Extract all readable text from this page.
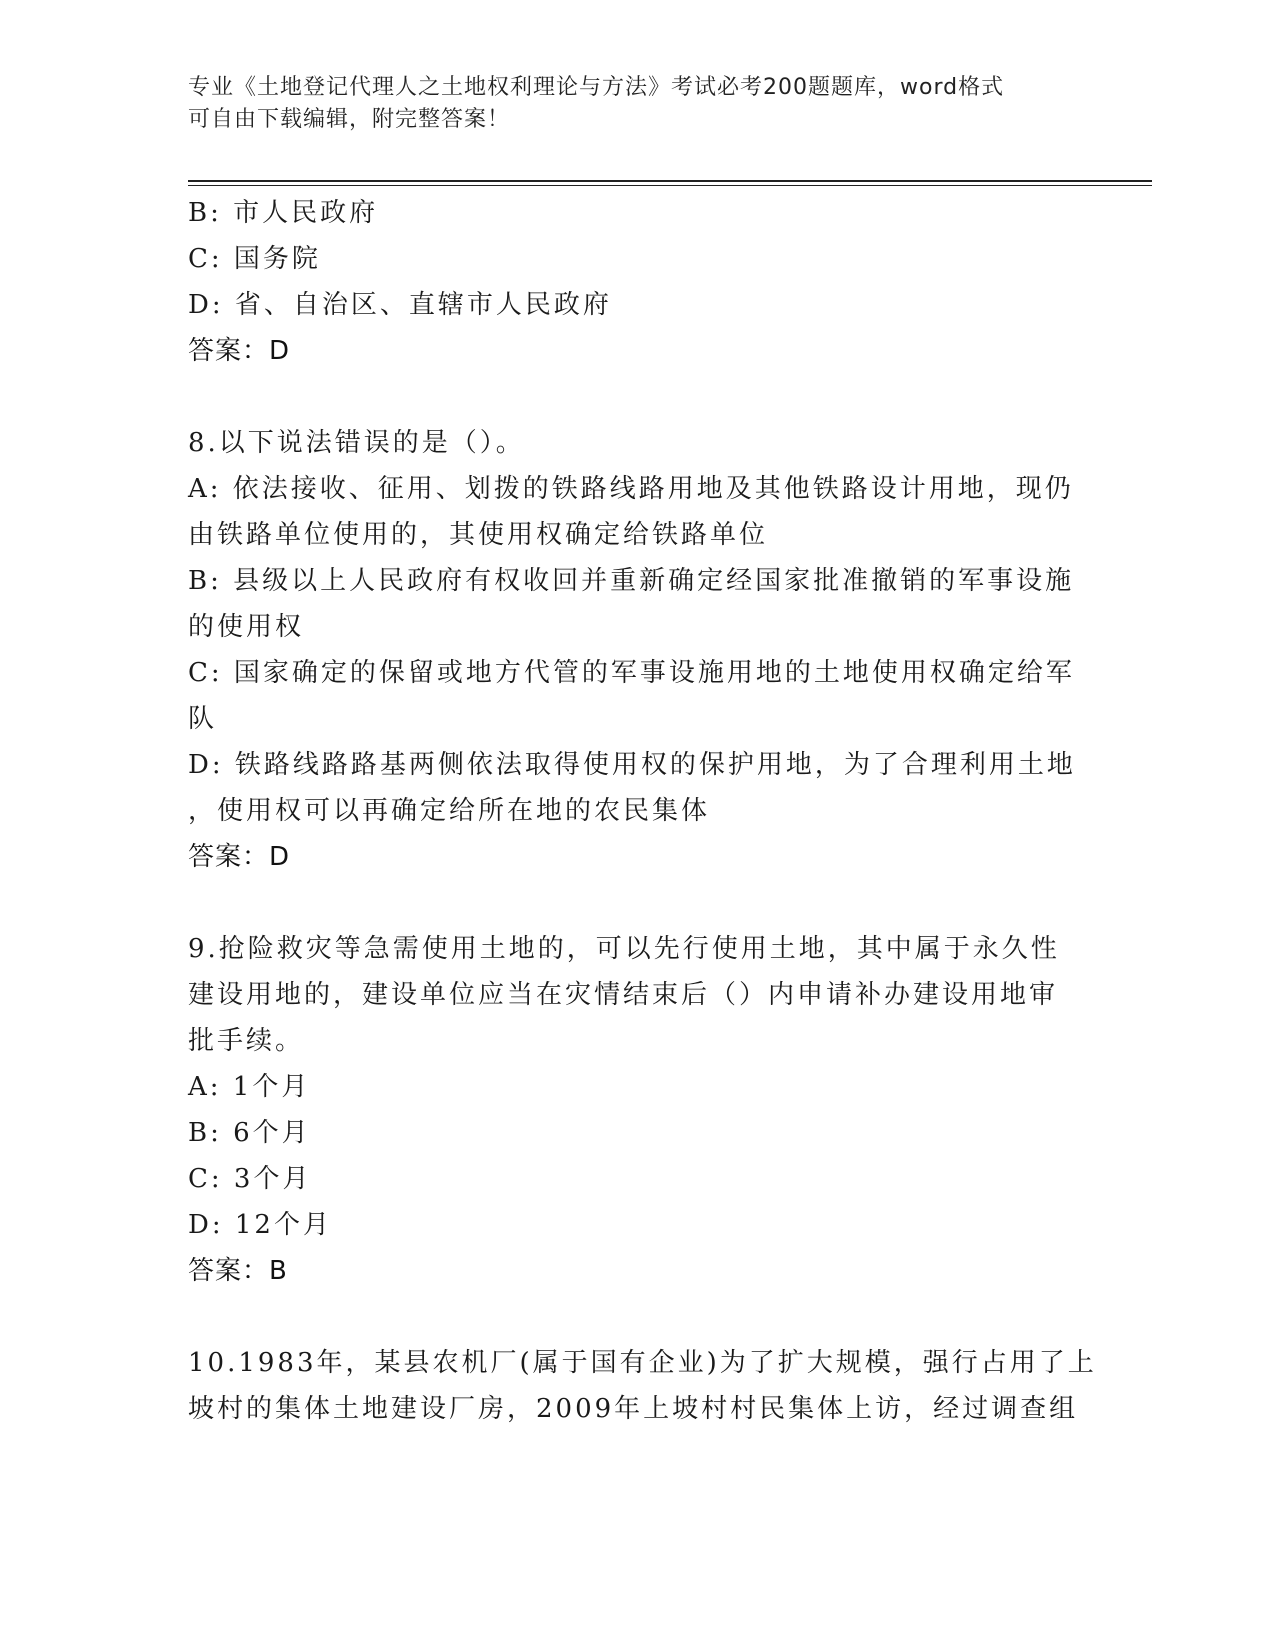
专业《土地登记代理人之土地权利理论与方法》考试必考200题题库，word格式
可自由下载编辑，附完整答案！
B: 市人民政府
C: 国务院
D: 省、自治区、直辖市人民政府
答案：D
8.以下说法错误的是（）。
A: 依法接收、征用、划拨的铁路线路用地及其他铁路设计用地，现仍
由铁路单位使用的，其使用权确定给铁路单位
B: 县级以上人民政府有权收回并重新确定经国家批准撤销的军事设施
的使用权
C: 国家确定的保留或地方代管的军事设施用地的土地使用权确定给军
队
D: 铁路线路路基两侧依法取得使用权的保护用地，为了合理利用土地
，使用权可以再确定给所在地的农民集体
答案：D
9.抢险救灾等急需使用土地的，可以先行使用土地，其中属于永久性
建设用地的，建设单位应当在灾情结束后（）内申请补办建设用地审
批手续。
A: 1个月
B: 6个月
C: 3个月
D: 12个月
答案：B
10.1983年，某县农机厂(属于国有企业)为了扩大规模，强行占用了上
坡村的集体土地建设厂房，2009年上坡村村民集体上访，经过调查组
